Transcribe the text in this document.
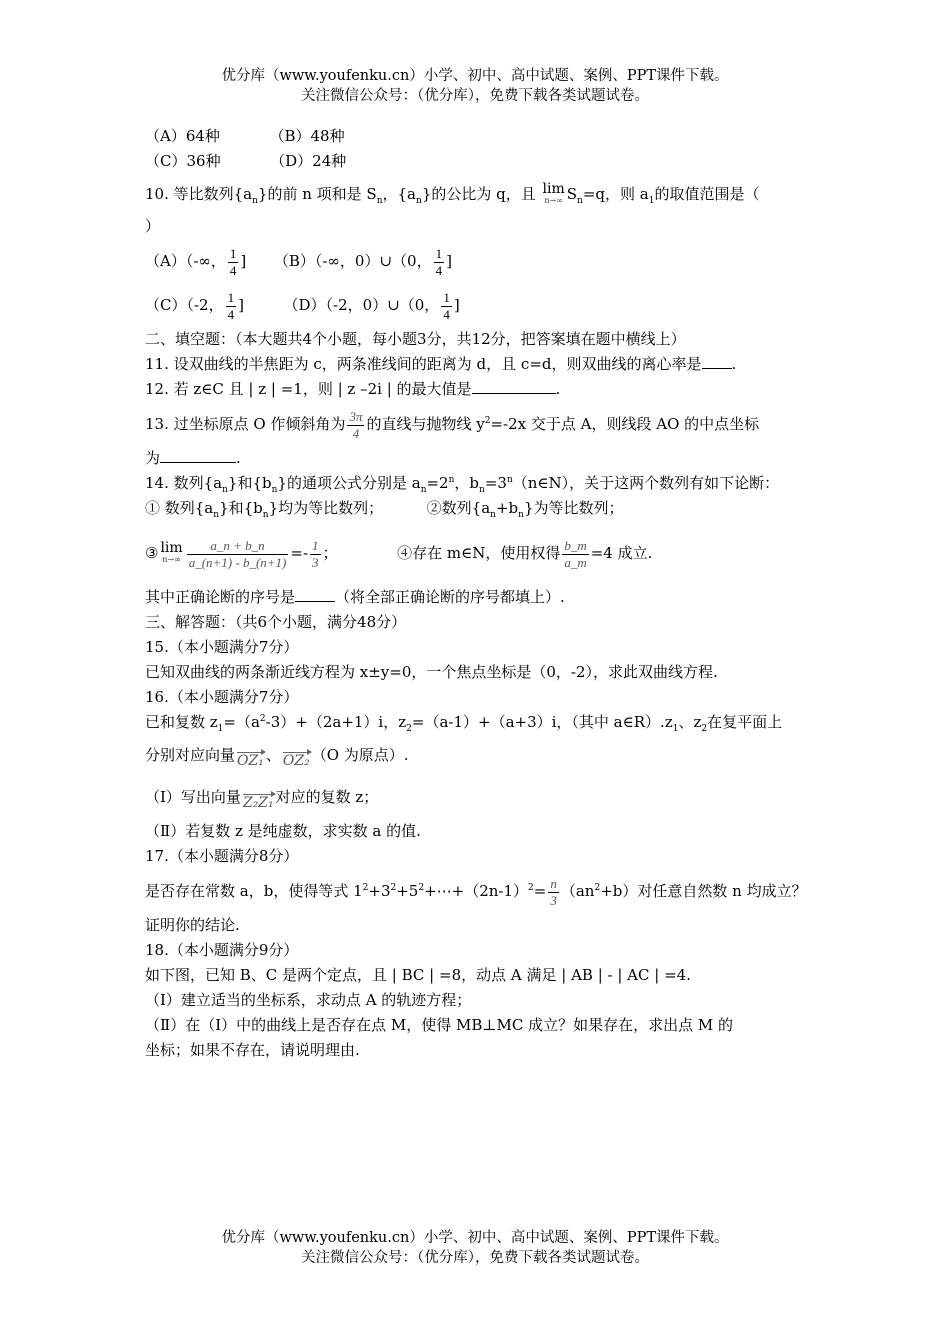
优分库（www.youfenku.cn）小学、初中、高中试题、案例、PPT课件下载。
关注微信公众号：（优分库），免费下载各类试题试卷。
（A）64种	（B）48种
（C）36种	（D）24种
10. 等比数列$\{a_n\}$的前 n 项和是 $S_n$，$\{a_n\}$的公比为 q，且 lim
n→∞ $S_n=q$，则 $a_1$的取值范围是（
）
（A）（-∞， $\frac{1}{4}$ ] （B）（-∞，0）∪（0， $\frac{1}{4}$ ]
（C）（-2， $\frac{1}{4}$ ]	（D）（-2，0）∪（0， $\frac{1}{4}$ ]
二、填空题：（本大题共4个小题，每小题3分，共12分，把答案填在题中横线上）
11. 设双曲线的半焦距为 c，两条准线间的距离为 d，且 c=d，则双曲线的离心率是 .
12. 若 z∈C 且 | z | =1，则 | z –2i | 的最大值是	.
13. 过坐标原点 O 作倾斜角为 $\frac{3\pi}{4}$ 的直线与抛物线 $y^2=-2x$ 交于点 A，则线段 AO 的中点坐标
为	.
14. 数列$\{a_n\}$和$\{b_n\}$的通项公式分别是 $a_n=2^n$，$b_n=3^n(n\in N)$，关于这两个数列有如下论断：
① 数列$\{a_n\}$和$\{b_n\}$均为等比数列；	②数列$\{a_n+b_n\}$为等比数列；
③ lim
$n\to\infty \frac{a\_n + b\_n}{a\_(n+1) - b\_(n+1)} =- \frac{1}{3}$ ；	④存在 m∈N，使用权得 $\frac{b\_m}{a\_m} =4$ 成立.
其中正确论断的序号是	（将全部正确论断的序号都填上）.
三、解答题：（共6个小题，满分48分）
15.（本小题满分7分）
已知双曲线的两条渐近线方程为 x±y=0，一个焦点坐标是（0，-2），求此双曲线方程.
16.（本小题满分7分）
已和复数 $z_1=(a^2-3)+(2a+1)i$，$z_2=(a-1)+(a+3)i$，（其中 $a\in R).z_1$、$z_2$在复平面上
分别对应向量 OZ₁ 、 OZ₂ （O 为原点）.
（Ⅰ）写出向量 Z₂Z₁ 对应的复数 z；
（Ⅱ）若复数 z 是纯虚数，求实数 a 的值.
17.（本小题满分8分）
是否存在常数 a，b，使得等式 $1^2+3^2+5^2+\cdots+(2n-1)^2= \frac{n}{3} (an^2+b)$对任意自然数 n 均成立？
证明你的结论.
18.（本小题满分9分）
如下图，已知 B、C 是两个定点，且 | BC | =8，动点 A 满足 | AB | - | AC | =4.
（Ⅰ）建立适当的坐标系，求动点 A 的轨迹方程；
（Ⅱ）在（Ⅰ）中的曲线上是否存在点 M，使得 MB⊥MC 成立？如果存在，求出点 M 的
坐标；如果不存在，请说明理由.
优分库（www.youfenku.cn）小学、初中、高中试题、案例、PPT课件下载。
关注微信公众号：（优分库），免费下载各类试题试卷。
